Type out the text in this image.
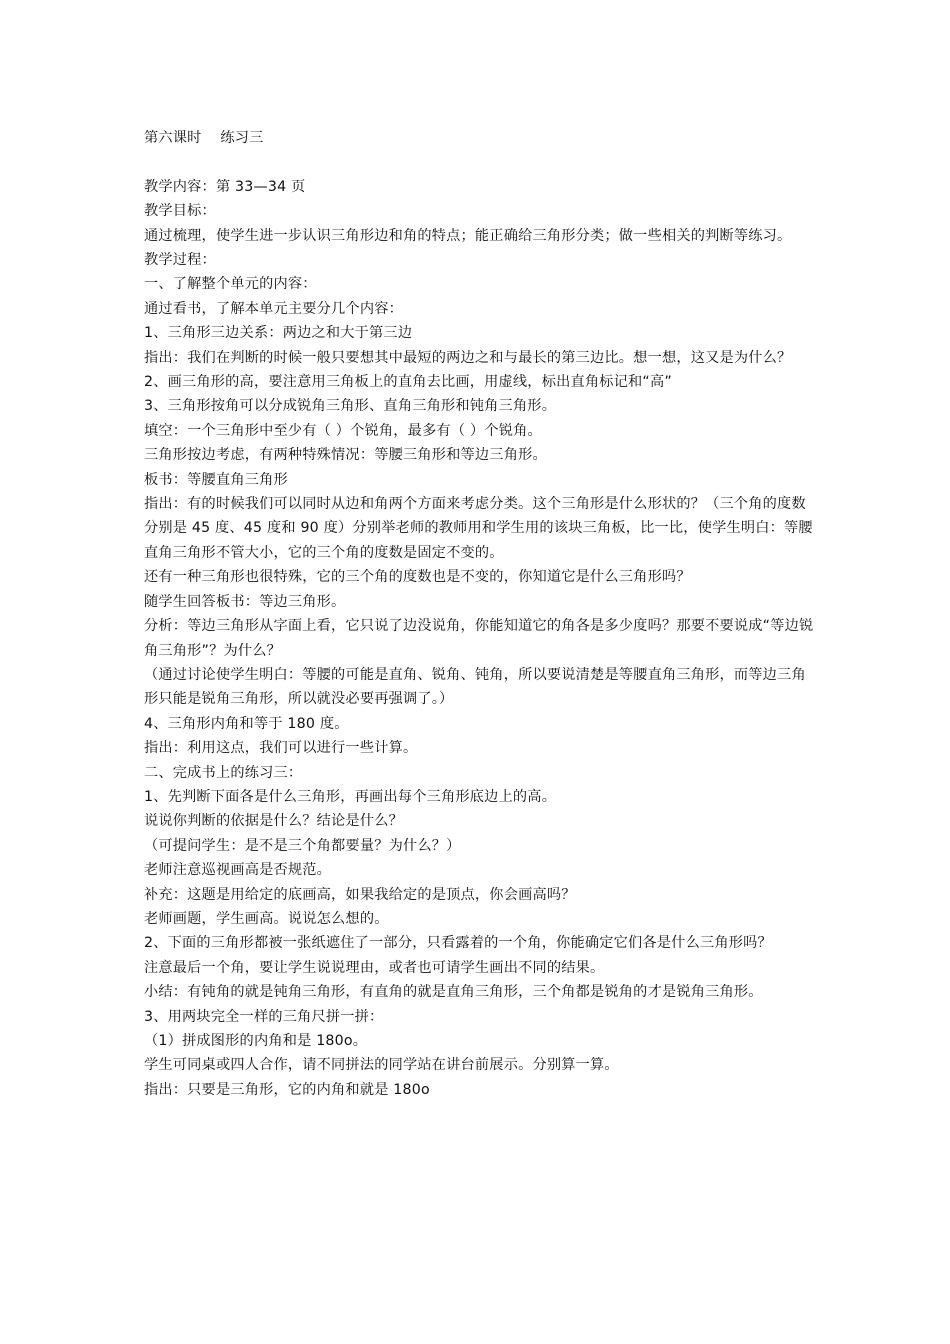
第六课时    练习三

教学内容：第 33—34 页

教学目标：

通过梳理，使学生进一步认识三角形边和角的特点；能正确给三角形分类；做一些相关的判断等练习。

教学过程：

一、了解整个单元的内容：

通过看书，了解本单元主要分几个内容：

1、三角形三边关系：两边之和大于第三边

指出：我们在判断的时候一般只要想其中最短的两边之和与最长的第三边比。想一想，这又是为什么？

2、画三角形的高，要注意用三角板上的直角去比画，用虚线，标出直角标记和“高”

3、三角形按角可以分成锐角三角形、直角三角形和钝角三角形。

填空：一个三角形中至少有（ ）个锐角，最多有（ ）个锐角。

三角形按边考虑，有两种特殊情况：等腰三角形和等边三角形。

板书：等腰直角三角形

指出：有的时候我们可以同时从边和角两个方面来考虑分类。这个三角形是什么形状的？（三个角的度数分别是 45 度、45 度和 90 度）分别举老师的教师用和学生用的该块三角板，比一比，使学生明白：等腰直角三角形不管大小，它的三个角的度数是固定不变的。

还有一种三角形也很特殊，它的三个角的度数也是不变的，你知道它是什么三角形吗？

随学生回答板书：等边三角形。

分析：等边三角形从字面上看，它只说了边没说角，你能知道它的角各是多少度吗？那要不要说成“等边锐角三角形”？为什么？

（通过讨论使学生明白：等腰的可能是直角、锐角、钝角，所以要说清楚是等腰直角三角形，而等边三角形只能是锐角三角形，所以就没必要再强调了。）

4、三角形内角和等于 180 度。

指出：利用这点，我们可以进行一些计算。

二、完成书上的练习三：

1、先判断下面各是什么三角形，再画出每个三角形底边上的高。

说说你判断的依据是什么？结论是什么？

（可提问学生：是不是三个角都要量？为什么？）

老师注意巡视画高是否规范。

补充：这题是用给定的底画高，如果我给定的是顶点，你会画高吗？

老师画题，学生画高。说说怎么想的。

2、下面的三角形都被一张纸遮住了一部分，只看露着的一个角，你能确定它们各是什么三角形吗？

注意最后一个角，要让学生说说理由，或者也可请学生画出不同的结果。

小结：有钝角的就是钝角三角形，有直角的就是直角三角形，三个角都是锐角的才是锐角三角形。

3、用两块完全一样的三角尺拼一拼：

（1）拼成图形的内角和是 180o。

学生可同桌或四人合作，请不同拼法的同学站在讲台前展示。分别算一算。

指出：只要是三角形，它的内角和就是 180o
